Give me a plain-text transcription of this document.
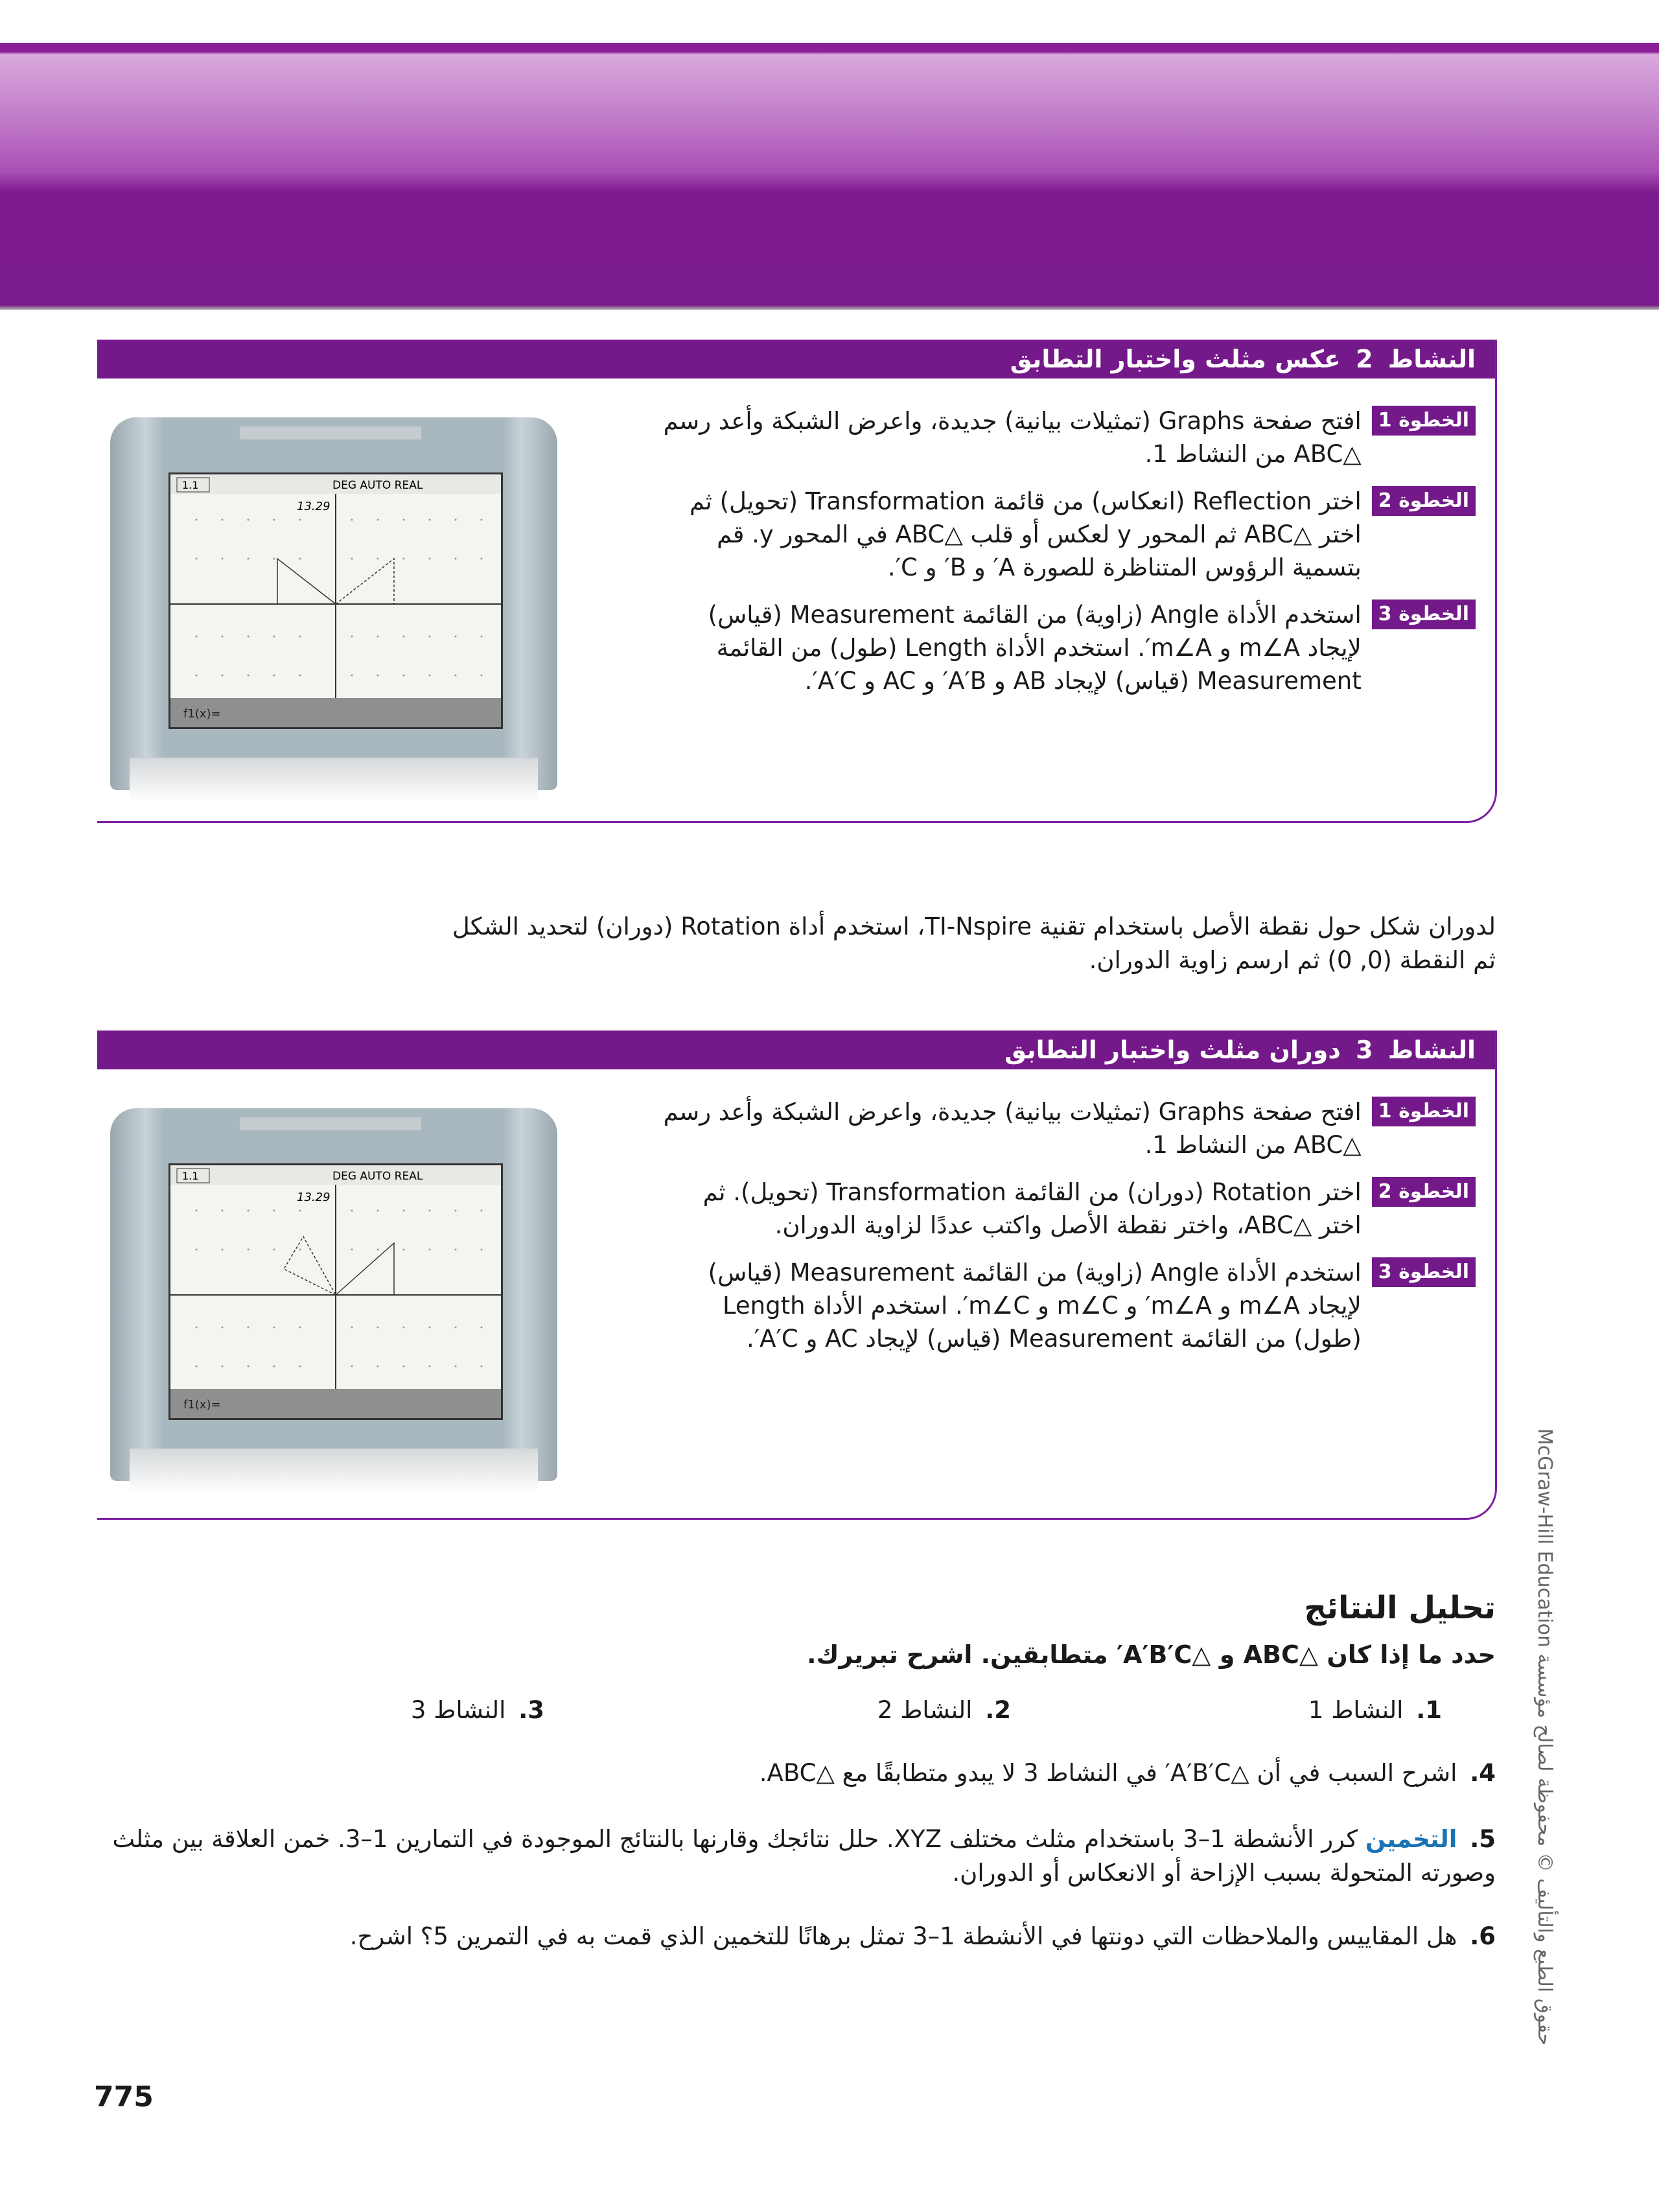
النشاط 2 عكس مثلث واختبار التطابق
الخطوة 1
افتح صفحة Graphs (تمثيلات بيانية) جديدة، واعرض الشبكة وأعد رسم △ABC من النشاط 1.
الخطوة 2
اختر Reflection (انعكاس) من قائمة Transformation (تحويل) ثم اختر △ABC ثم المحور y لعكس أو قلب △ABC في المحور y. قم بتسمية الرؤوس المتناظرة للصورة A′ و B′ و C′.
الخطوة 3
استخدم الأداة Angle (زاوية) من القائمة Measurement (قياس) لإيجاد m∠A و m∠A′. استخدم الأداة Length (طول) من القائمة Measurement (قياس) لإيجاد AB و A′B′ و AC و A′C′.
1.1	DEG AUTO REAL
13.29
f1(x)=
لدوران شكل حول نقطة الأصل باستخدام تقنية TI-Nspire، استخدم أداة Rotation (دوران) لتحديد الشكل ثم النقطة (0, 0) ثم ارسم زاوية الدوران.
النشاط 3 دوران مثلث واختبار التطابق
الخطوة 1
افتح صفحة Graphs (تمثيلات بيانية) جديدة، واعرض الشبكة وأعد رسم △ABC من النشاط 1.
الخطوة 2
اختر Rotation (دوران) من القائمة Transformation (تحويل). ثم اختر △ABC، واختر نقطة الأصل واكتب عددًا لزاوية الدوران.
الخطوة 3
استخدم الأداة Angle (زاوية) من القائمة Measurement (قياس) لإيجاد m∠A و m∠A′ و m∠C و m∠C′. استخدم الأداة Length (طول) من القائمة Measurement (قياس) لإيجاد AC و A′C′.
1.1	DEG AUTO REAL
13.29
f1(x)=
تحليل النتائج
حدد ما إذا كان △ABC و △A′B′C′ متطابقين. اشرح تبريرك.
1. النشاط 1
2. النشاط 2
3. النشاط 3
4. اشرح السبب في أن △A′B′C′ في النشاط 3 لا يبدو متطابقًا مع △ABC.
5. التخمين كرر الأنشطة 1–3 باستخدام مثلث مختلف XYZ. حلل نتائجك وقارنها بالنتائج الموجودة في التمارين 1–3. خمن العلاقة بين مثلث وصورته المتحولة بسبب الإزاحة أو الانعكاس أو الدوران.
6. هل المقاييس والملاحظات التي دونتها في الأنشطة 1–3 تمثل برهانًا للتخمين الذي قمت به في التمرين 5؟ اشرح.
775
حقوق الطبع والتأليف © محفوظة لصالح مؤسسة McGraw-Hill Education
